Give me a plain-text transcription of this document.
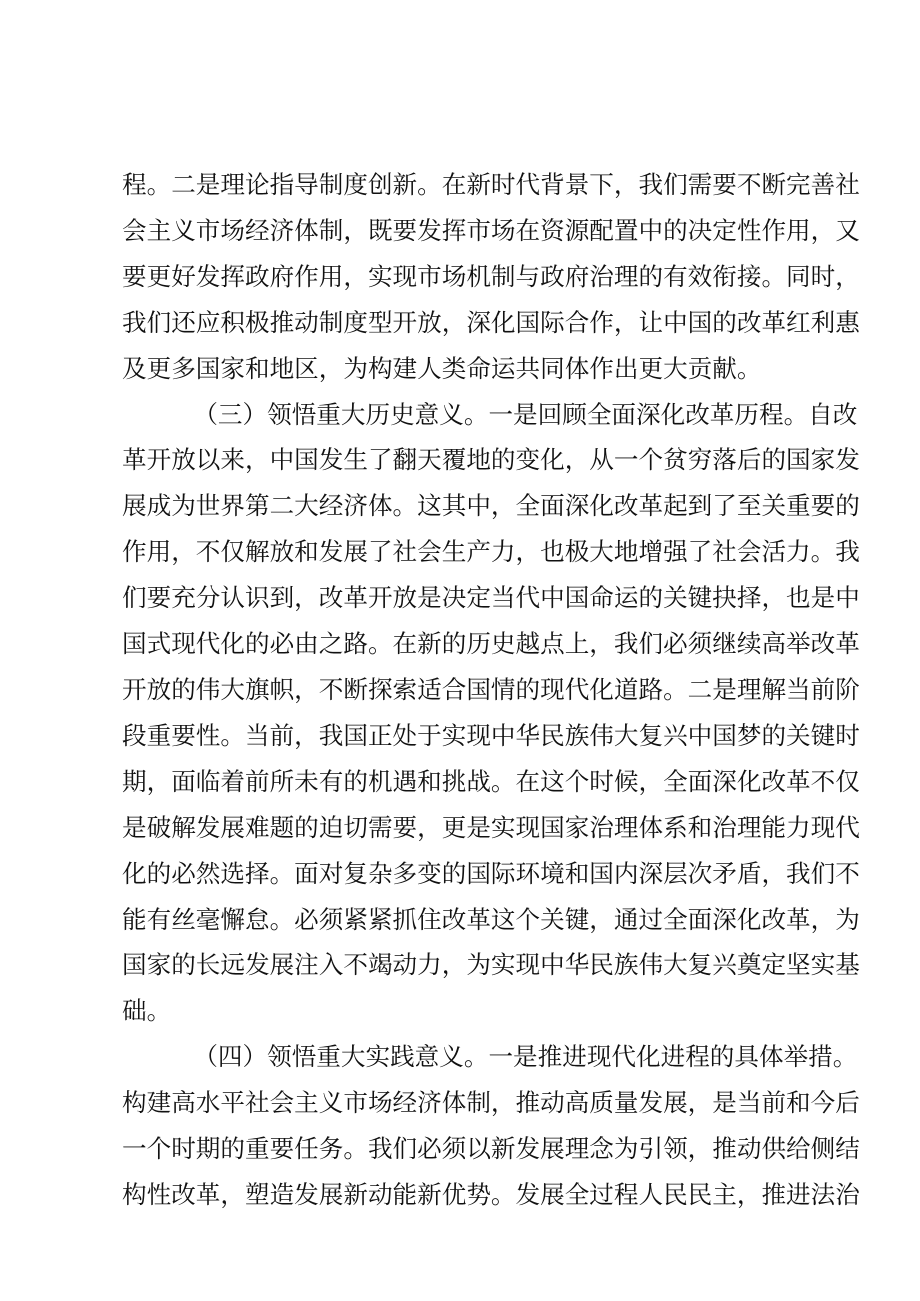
程。二是理论指导制度创新。在新时代背景下，我们需要不断完善社
会主义市场经济体制，既要发挥市场在资源配置中的决定性作用，又
要更好发挥政府作用，实现市场机制与政府治理的有效衔接。同时，
我们还应积极推动制度型开放，深化国际合作，让中国的改革红利惠
及更多国家和地区，为构建人类命运共同体作出更大贡献。
（三）领悟重大历史意义。一是回顾全面深化改革历程。自改
革开放以来，中国发生了翻天覆地的变化，从一个贫穷落后的国家发
展成为世界第二大经济体。这其中，全面深化改革起到了至关重要的
作用，不仅解放和发展了社会生产力，也极大地增强了社会活力。我
们要充分认识到，改革开放是决定当代中国命运的关键抉择，也是中
国式现代化的必由之路。在新的历史越点上，我们必须继续高举改革
开放的伟大旗帜，不断探索适合国情的现代化道路。二是理解当前阶
段重要性。当前，我国正处于实现中华民族伟大复兴中国梦的关键时
期，面临着前所未有的机遇和挑战。在这个时候，全面深化改革不仅
是破解发展难题的迫切需要，更是实现国家治理体系和治理能力现代
化的必然选择。面对复杂多变的国际环境和国内深层次矛盾，我们不
能有丝毫懈怠。必须紧紧抓住改革这个关键，通过全面深化改革，为
国家的长远发展注入不竭动力，为实现中华民族伟大复兴奠定坚实基
础。
（四）领悟重大实践意义。一是推进现代化进程的具体举措。
构建高水平社会主义市场经济体制，推动高质量发展，是当前和今后
一个时期的重要任务。我们必须以新发展理念为引领，推动供给侧结
构性改革，塑造发展新动能新优势。发展全过程人民民主，推进法治
